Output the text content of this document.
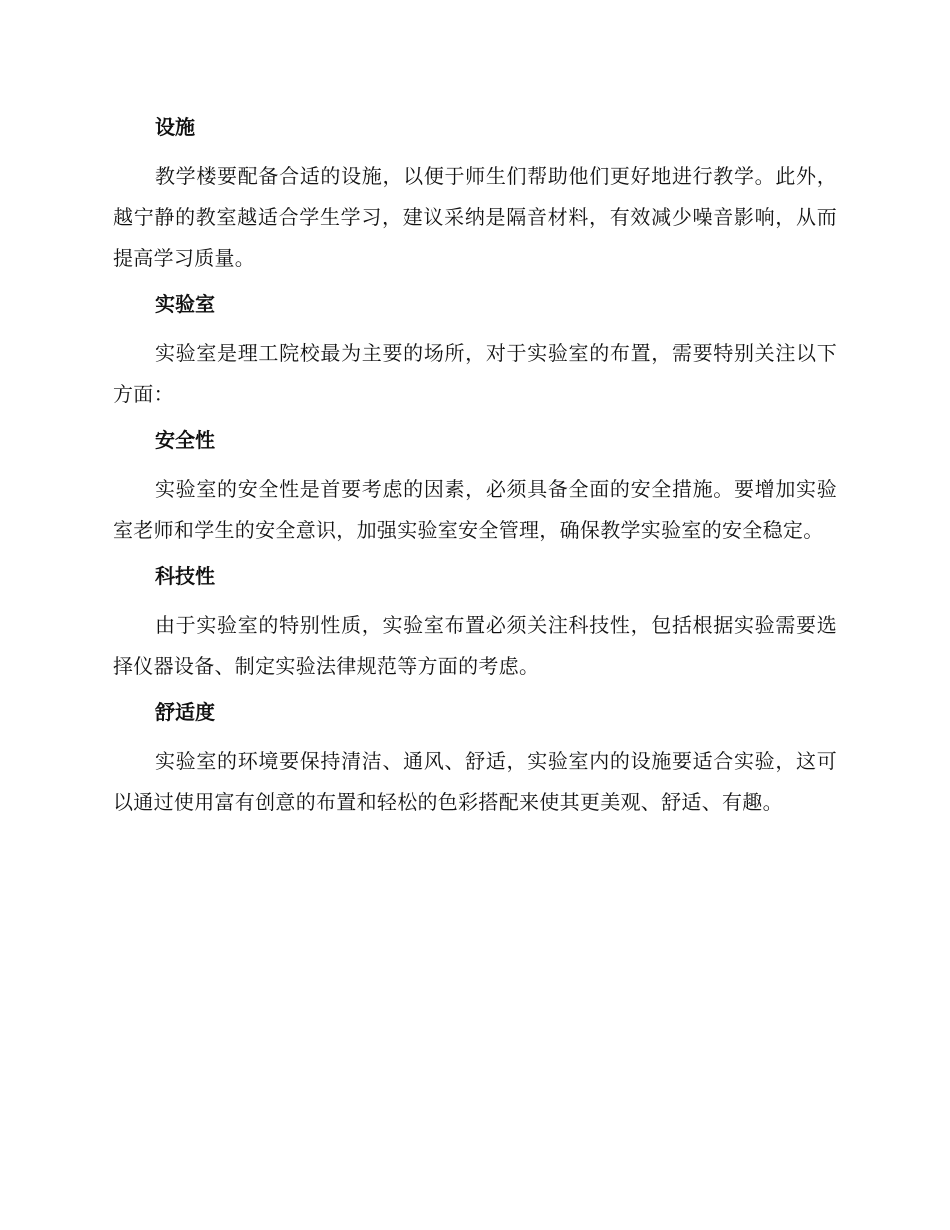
设施
教学楼要配备合适的设施，以便于师生们帮助他们更好地进行教学。此外，越宁静的教室越适合学生学习，建议采纳是隔音材料，有效减少噪音影响，从而提高学习质量。
实验室
实验室是理工院校最为主要的场所，对于实验室的布置，需要特别关注以下方面：
安全性
实验室的安全性是首要考虑的因素，必须具备全面的安全措施。要增加实验室老师和学生的安全意识，加强实验室安全管理，确保教学实验室的安全稳定。
科技性
由于实验室的特别性质，实验室布置必须关注科技性，包括根据实验需要选择仪器设备、制定实验法律规范等方面的考虑。
舒适度
实验室的环境要保持清洁、通风、舒适，实验室内的设施要适合实验，这可以通过使用富有创意的布置和轻松的色彩搭配来使其更美观、舒适、有趣。
